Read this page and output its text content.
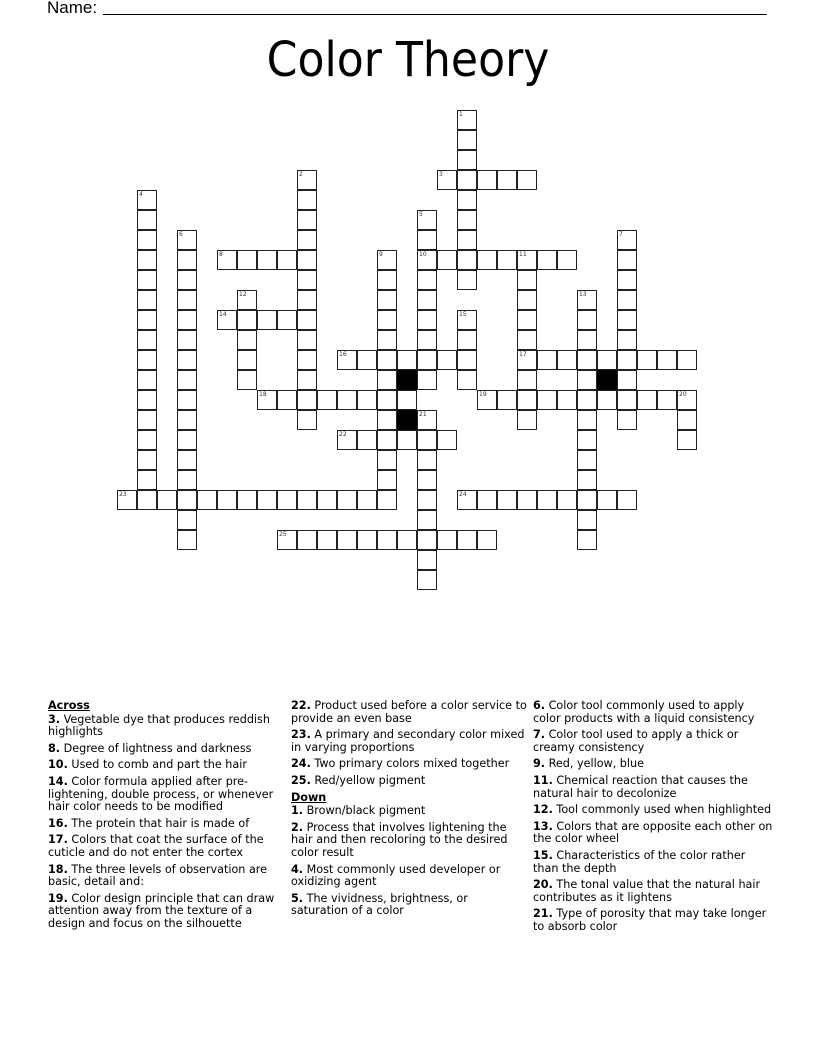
Name:
Color Theory
3
8	10	11
14
16	17
18	19	20
22
23	24
25
1
2
4
5
6	7
9
12	13
15
21
Across
3. Vegetable dye that produces reddish highlights
8. Degree of lightness and darkness
10. Used to comb and part the hair
14. Color formula applied after pre-lightening, double process, or whenever hair color needs to be modified
16. The protein that hair is made of
17. Colors that coat the surface of the cuticle and do not enter the cortex
18. The three levels of observation are basic, detail and:
19. Color design principle that can draw attention away from the texture of a design and focus on the silhouette
22. Product used before a color service to provide an even base
23. A primary and secondary color mixed in varying proportions
24. Two primary colors mixed together
25. Red/yellow pigment
Down
1. Brown/black pigment
2. Process that involves lightening the hair and then recoloring to the desired color result
4. Most commonly used developer or oxidizing agent
5. The vividness, brightness, or saturation of a color
6. Color tool commonly used to apply color products with a liquid consistency
7. Color tool used to apply a thick or creamy consistency
9. Red, yellow, blue
11. Chemical reaction that causes the natural hair to decolonize
12. Tool commonly used when highlighted
13. Colors that are opposite each other on the color wheel
15. Characteristics of the color rather than the depth
20. The tonal value that the natural hair contributes as it lightens
21. Type of porosity that may take longer to absorb color
